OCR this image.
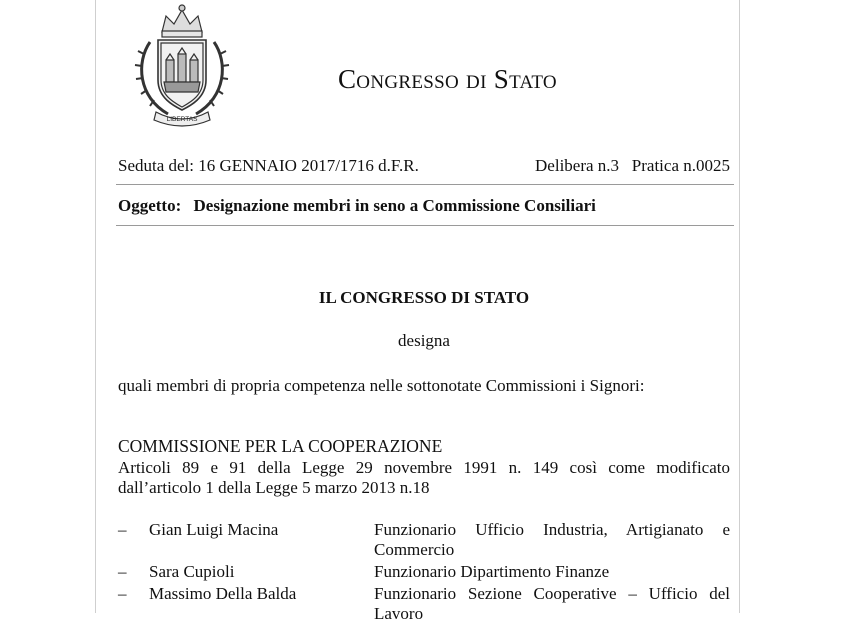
LIBERTAS
Congresso di Stato
Seduta del: 16 GENNAIO 2017/1716 d.F.R.	Delibera n.3   Pratica n.0025
Oggetto: Designazione membri in seno a Commissione Consiliari
IL CONGRESSO DI STATO
designa
quali membri di propria competenza nelle sottonotate Commissioni i Signori:
COMMISSIONE PER LA COOPERAZIONE
Articoli 89 e 91 della Legge 29 novembre 1991 n. 149 così come modificato
dall’articolo 1 della Legge 5 marzo 2013 n.18
– Gian Luigi Macina	Funzionario Ufficio Industria, Artigianato e
Commercio
– Sara Cupioli	Funzionario Dipartimento Finanze
– Massimo Della Balda	Funzionario Sezione Cooperative – Ufficio del
Lavoro
